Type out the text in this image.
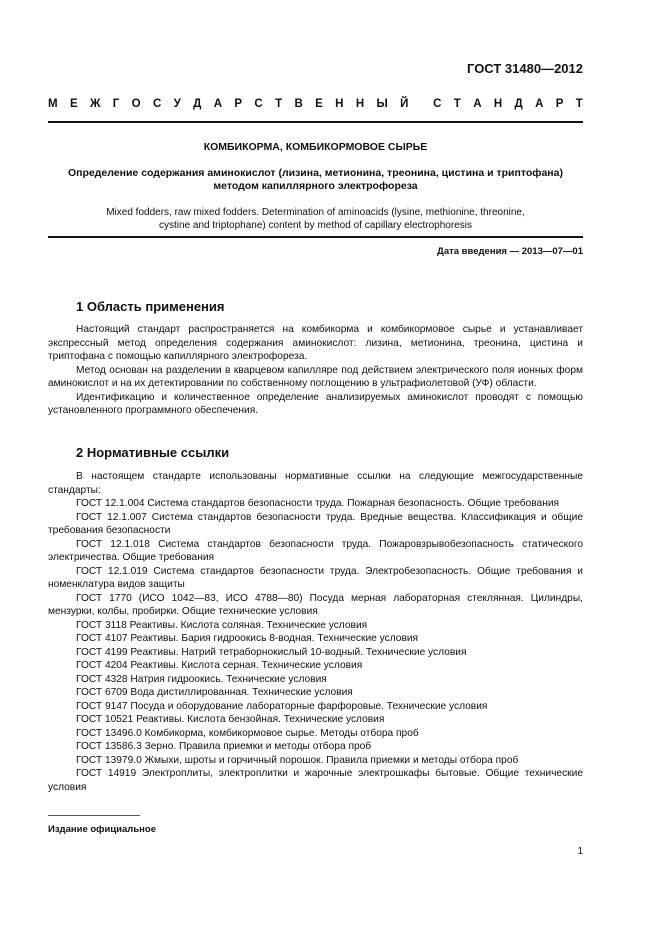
ГОСТ 31480—2012
М Е Ж Г О С У Д А Р С Т В Е Н Н Ы Й С Т А Н Д А Р Т
КОМБИКОРМА, КОМБИКОРМОВОЕ СЫРЬЕ
Определение содержания аминокислот (лизина, метионина, треонина, цистина и триптофана)
методом капиллярного электрофореза
Mixed fodders, raw mixed fodders. Determination of aminoacids (lysine, methionine, threonine,
cystine and triptophane) content by method of capillary electrophoresis
Дата введения — 2013—07—01
1 Область применения

Настоящий стандарт распространяется на комбикорма и комбикормовое сырье и устанавливает экспрессный метод определения содержания аминокислот: лизина, метионина, треонина, цистина и триптофана с помощью капиллярного электрофореза.

Метод основан на разделении в кварцевом капилляре под действием электрического поля ионных форм аминокислот и на их детектировании по собственному поглощению в ультрафиолетовой (УФ) области.

Идентификацию и количественное определение анализируемых аминокислот проводят с помощью установленного программного обеспечения.

2 Нормативные ссылки

В настоящем стандарте использованы нормативные ссылки на следующие межгосударственные стандарты:

ГОСТ 12.1.004 Система стандартов безопасности труда. Пожарная безопасность. Общие требования
ГОСТ 12.1.007 Система стандартов безопасности труда. Вредные вещества. Классификация и общие требования безопасности
ГОСТ 12.1.018 Система стандартов безопасности труда. Пожаровзрывобезопасность статического электричества. Общие требования
ГОСТ 12.1.019 Система стандартов безопасности труда. Электробезопасность. Общие требования и номенклатура видов защиты
ГОСТ 1770 (ИСО 1042—83, ИСО 4788—80) Посуда мерная лабораторная стеклянная. Цилиндры, мензурки, колбы, пробирки. Общие технические условия
ГОСТ 3118 Реактивы. Кислота соляная. Технические условия
ГОСТ 4107 Реактивы. Бария гидроокись 8-водная. Технические условия
ГОСТ 4199 Реактивы. Натрий тетраборнокислый 10-водный. Технические условия
ГОСТ 4204 Реактивы. Кислота серная. Технические условия
ГОСТ 4328 Натрия гидроокись. Технические условия
ГОСТ 6709 Вода дистиллированная. Технические условия
ГОСТ 9147 Посуда и оборудование лабораторные фарфоровые. Технические условия
ГОСТ 10521 Реактивы. Кислота бензойная. Технические условия
ГОСТ 13496.0 Комбикорма, комбикормовое сырье. Методы отбора проб
ГОСТ 13586.3 Зерно. Правила приемки и методы отбора проб
ГОСТ 13979.0 Жмыхи, шроты и горчичный порошок. Правила приемки и методы отбора проб
ГОСТ 14919 Электроплиты, электроплитки и жарочные электрошкафы бытовые. Общие технические условия
Издание официальное
1
